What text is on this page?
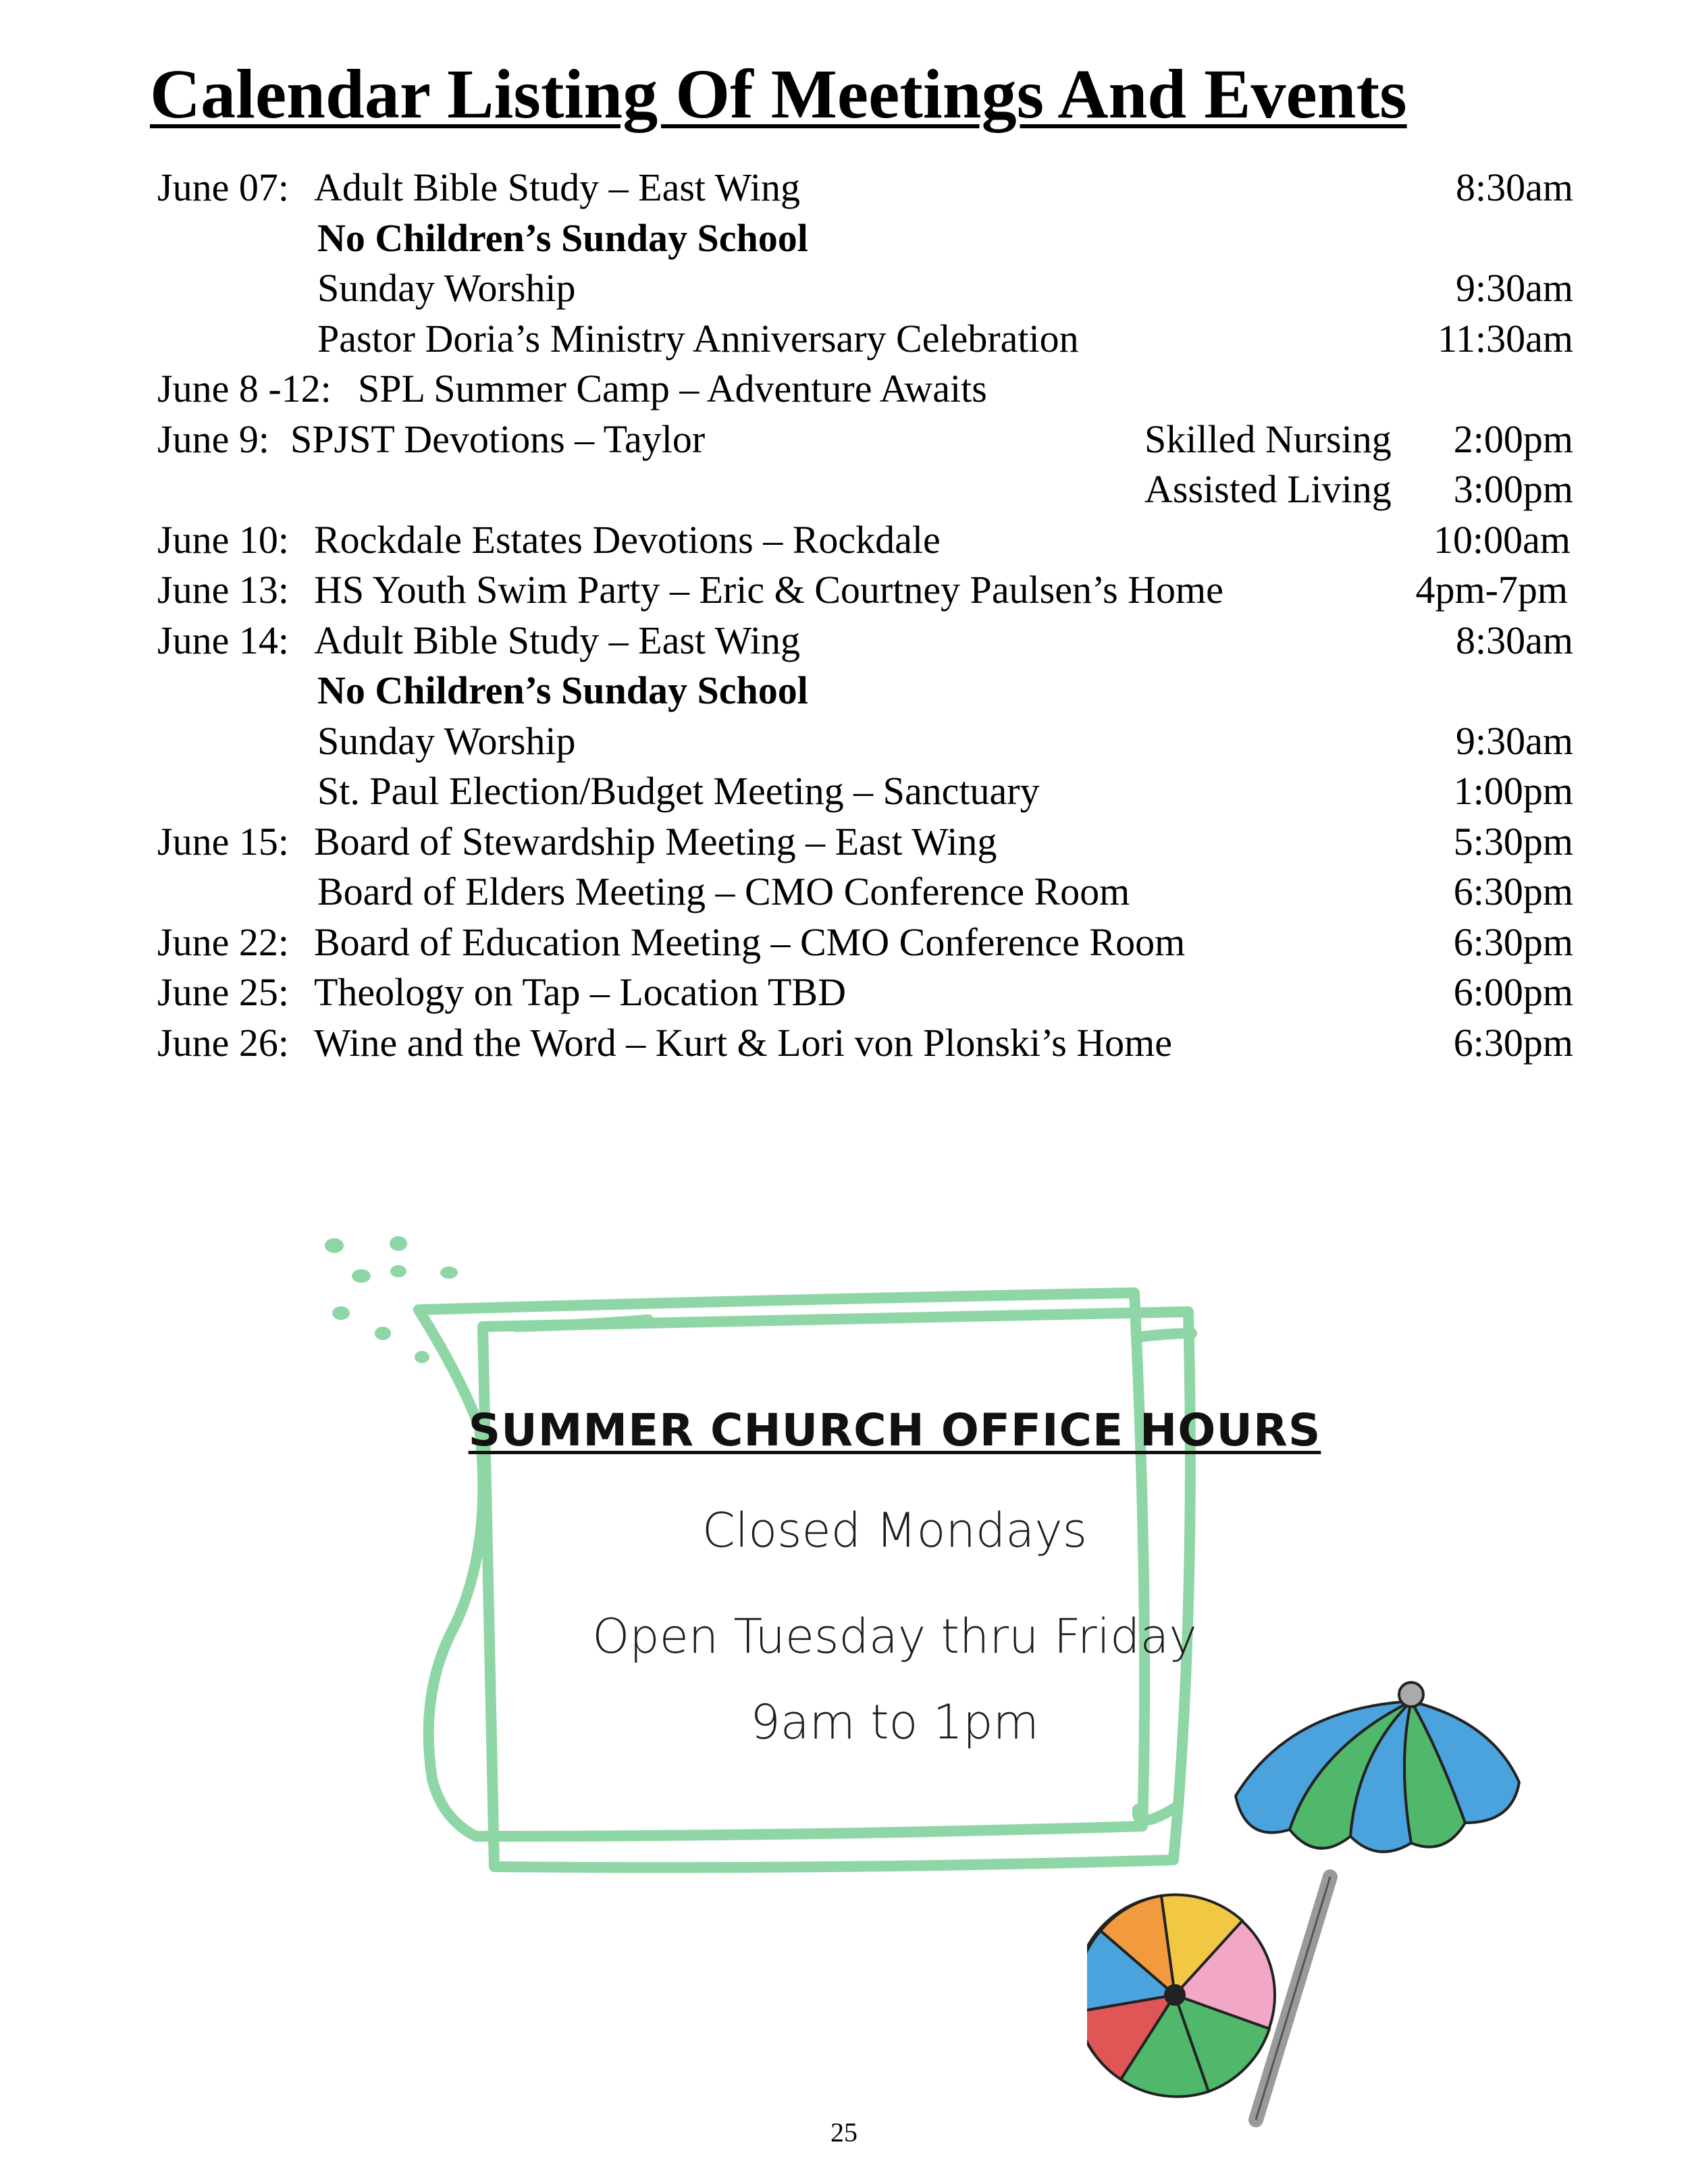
Calendar Listing Of Meetings And Events
June 07: Adult Bible Study – East Wing	8:30am
No Children’s Sunday School
Sunday Worship	9:30am
Pastor Doria’s Ministry Anniversary Celebration	11:30am
June 8 -12: SPL Summer Camp – Adventure Awaits
June 9: SPJST Devotions – Taylor	Skilled Nursing 2:00pm
Assisted Living 3:00pm
June 10: Rockdale Estates Devotions – Rockdale	10:00am
June 13: HS Youth Swim Party – Eric & Courtney Paulsen’s Home	4pm-7pm
June 14: Adult Bible Study – East Wing	8:30am
No Children’s Sunday School
Sunday Worship	9:30am
St. Paul Election/Budget Meeting – Sanctuary	1:00pm
June 15: Board of Stewardship Meeting – East Wing	5:30pm
Board of Elders Meeting – CMO Conference Room	6:30pm
June 22: Board of Education Meeting – CMO Conference Room	6:30pm
June 25: Theology on Tap – Location TBD	6:00pm
June 26: Wine and the Word – Kurt & Lori von Plonski’s Home	6:30pm
SUMMER CHURCH OFFICE HOURS
Closed Mondays
Open Tuesday thru Friday
9am to 1pm
25
